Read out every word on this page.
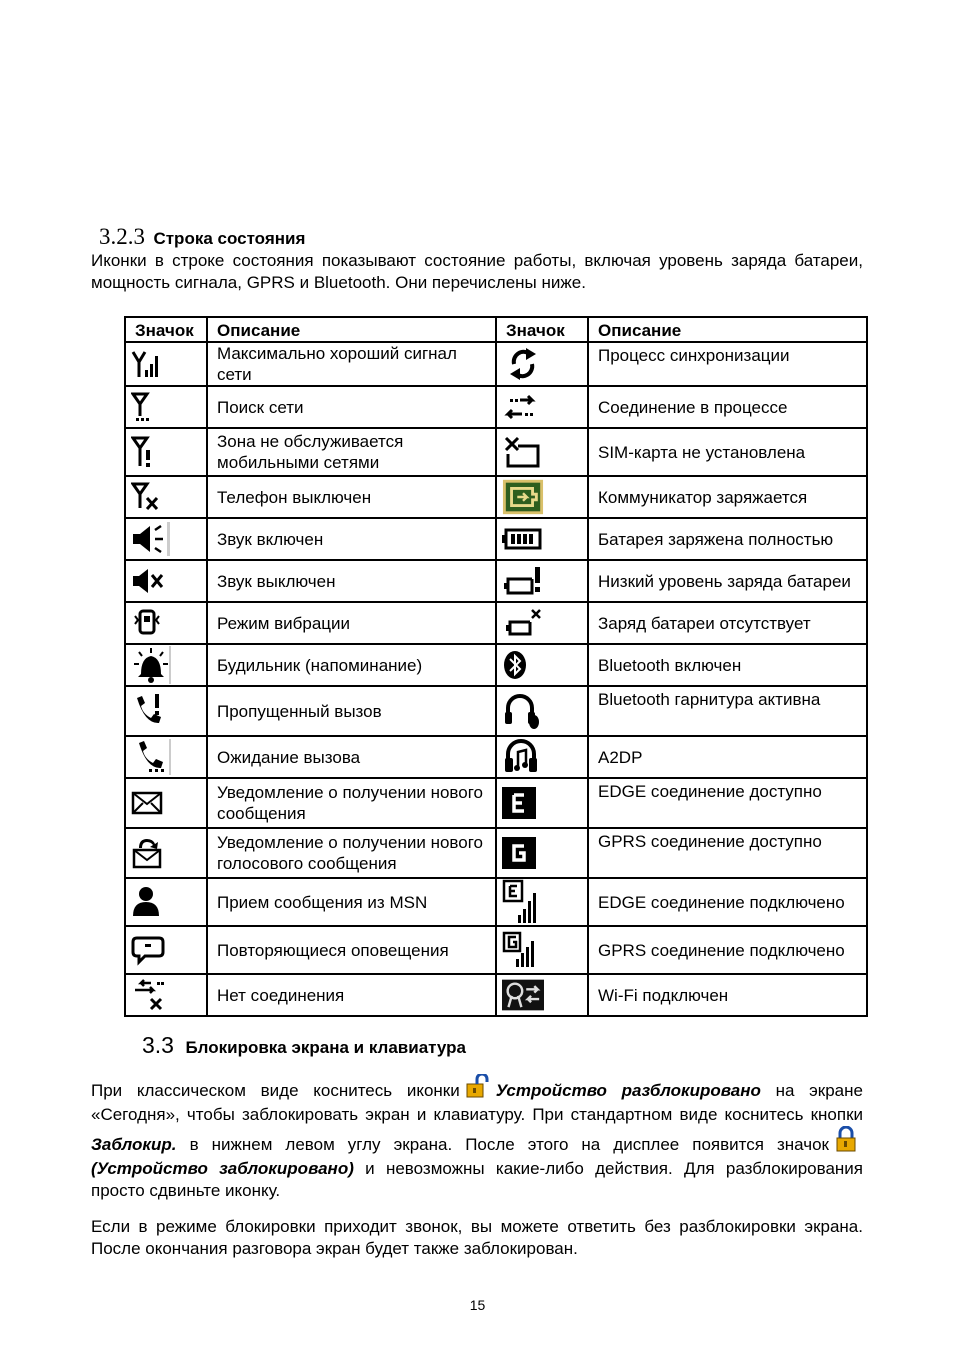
3.2.3 Строка состояния
Иконки в строке состояния показывают состояние работы, включая уровень заряда батареи, мощность сигнала, GPRS и Bluetooth. Они перечислены ниже.
Значок	Описание	Значок	Описание

	Максимально хороший сигнал сети		Процесс синхронизации

	Поиск сети		Соединение в процессе

	Зона не обслуживается мобильными сетями		SIM-карта не установлена

	Телефон выключен		Коммуникатор заряжается

	Звук включен		Батарея заряжена полностью

	Звук выключен		Низкий уровень заряда батареи

	Режим вибрации		Заряд батареи отсутствует

	Будильник (напоминание)		Bluetooth включен

	Пропущенный вызов		Bluetooth гарнитура активна

	Ожидание вызова		A2DP

	Уведомление о получении нового сообщения		EDGE соединение доступно

	Уведомление о получении нового голосового сообщения		GPRS соединение доступно

	Прием сообщения из MSN		EDGE соединение подключено

	Повторяющиеся оповещения		GPRS соединение подключено

	Нет соединения		Wi-Fi подключен
3.3 Блокировка экрана и клавиатура
При классическом виде коснитесь иконки Устройство разблокировано на экране «Сегодня», чтобы заблокировать экран и клавиатуру. При стандартном виде коснитесь кнопки Заблокир. в нижнем левом углу экрана. После этого на дисплее появится значок(Устройство заблокировано) и невозможны какие-либо действия. Для разблокирования просто сдвиньте иконку.
Если в режиме блокировки приходит звонок, вы можете ответить без разблокировки экрана. После окончания разговора экран будет также заблокирован.
15
